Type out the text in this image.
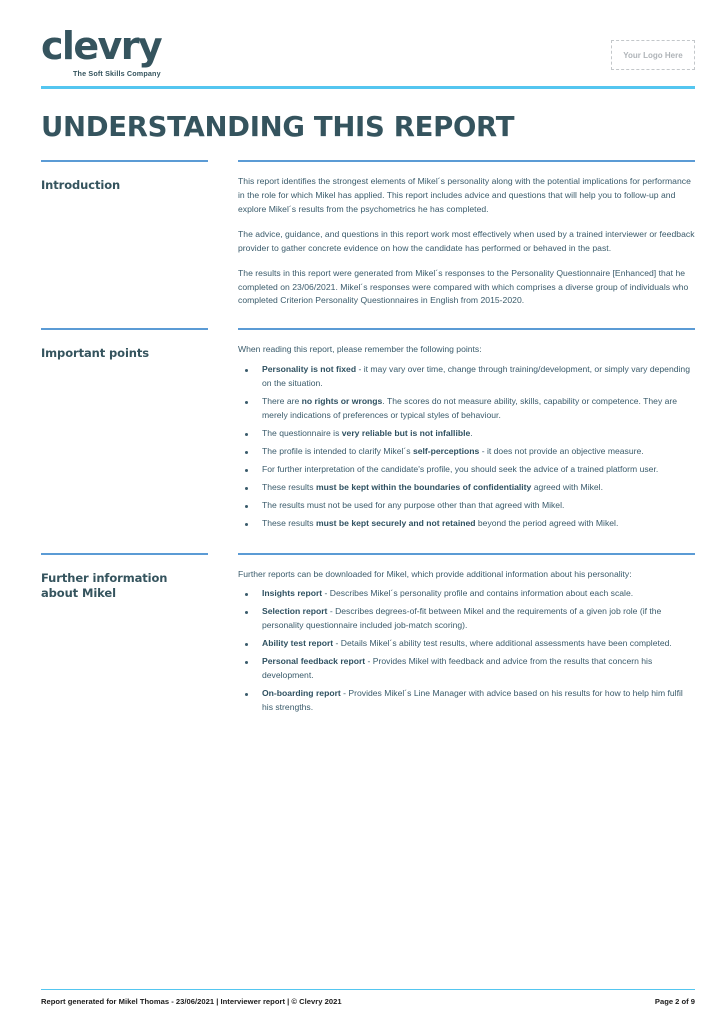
clevry
The Soft Skills Company
Your Logo Here
UNDERSTANDING THIS REPORT
Introduction	This report identifies the strongest elements of Mikel´s personality along with the potential implications for performance in the role for which Mikel has applied. This report includes advice and questions that will help you to follow-up and explore Mikel´s results from the psychometrics he has completed.

The advice, guidance, and questions in this report work most effectively when used by a trained interviewer or feedback provider to gather concrete evidence on how the candidate has performed or behaved in the past.

The results in this report were generated from Mikel´s responses to the Personality Questionnaire [Enhanced] that he completed on 23/06/2021. Mikel´s responses were compared with which comprises a diverse group of individuals who completed Criterion Personality Questionnaires in English from 2015-2020.

Important points	When reading this report, please remember the following points:

Personality is not fixed - it may vary over time, change through training/development, or simply vary depending on the situation.
There are no rights or wrongs. The scores do not measure ability, skills, capability or competence. They are merely indications of preferences or typical styles of behaviour.
The questionnaire is very reliable but is not infallible.
The profile is intended to clarify Mikel´s self-perceptions - it does not provide an objective measure.
For further interpretation of the candidate's profile, you should seek the advice of a trained platform user.
These results must be kept within the boundaries of confidentiality agreed with Mikel.
The results must not be used for any purpose other than that agreed with Mikel.
These results must be kept securely and not retained beyond the period agreed with Mikel.
Further information about Mikel

Further reports can be downloaded for Mikel, which provide additional information about his personality:

Insights report - Describes Mikel´s personality profile and contains information about each scale.
Selection report - Describes degrees-of-fit between Mikel and the requirements of a given job role (if the personality questionnaire included job-match scoring).
Ability test report - Details Mikel´s ability test results, where additional assessments have been completed.
Personal feedback report - Provides Mikel with feedback and advice from the results that concern his development.
On-boarding report - Provides Mikel´s Line Manager with advice based on his results for how to help him fulfil his strengths.
Report generated for Mikel Thomas - 23/06/2021 | Interviewer report | © Clevry 2021	Page 2 of 9
